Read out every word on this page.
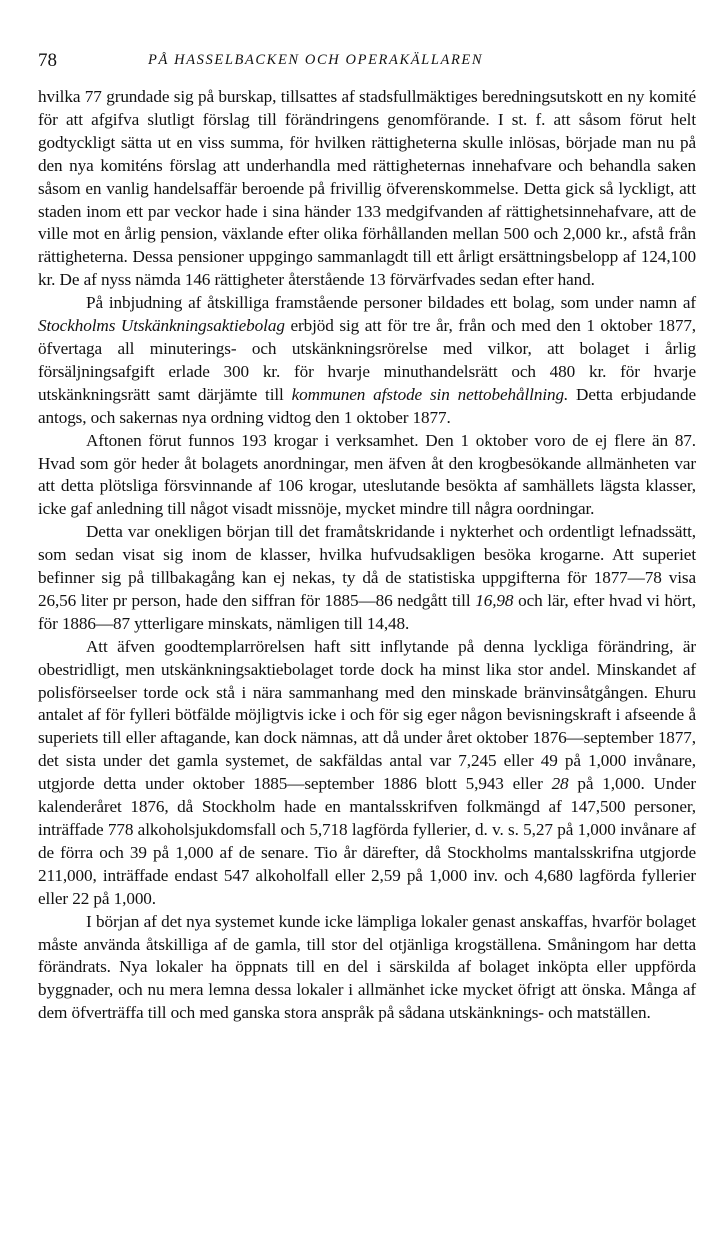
78	PÅ HASSELBACKEN OCH OPERAKÄLLAREN

hvilka 77 grundade sig på burskap, tillsattes af stadsfullmäktiges beredningsutskott en ny komité för att afgifva slutligt förslag till förändringens genomförande. I st. f. att såsom förut helt godtyckligt sätta ut en viss summa, för hvilken rättigheterna skulle inlösas, började man nu på den nya komiténs förslag att underhandla med rättigheternas innehafvare och behandla saken såsom en vanlig handelsaffär beroende på frivillig öfverenskommelse. Detta gick så lyckligt, att staden inom ett par veckor hade i sina händer 133 medgifvanden af rättighetsinnehafvare, att de ville mot en årlig pension, växlande efter olika förhållanden mellan 500 och 2,000 kr., afstå från rättigheterna. Dessa pensioner uppgingo sammanlagdt till ett årligt ersättningsbelopp af 124,100 kr. De af nyss nämda 146 rättigheter återstående 13 förvärfvades sedan efter hand.

På inbjudning af åtskilliga framstående personer bildades ett bolag, som under namn af Stockholms Utskänkningsaktiebolag erbjöd sig att för tre år, från och med den 1 oktober 1877, öfvertaga all minuterings- och utskänkningsrörelse med vilkor, att bolaget i årlig försäljningsafgift erlade 300 kr. för hvarje minuthandelsrätt och 480 kr. för hvarje utskänkningsrätt samt därjämte till kommunen afstode sin nettobehållning. Detta erbjudande antogs, och sakernas nya ordning vidtog den 1 oktober 1877.

Aftonen förut funnos 193 krogar i verksamhet. Den 1 oktober voro de ej flere än 87. Hvad som gör heder åt bolagets anordningar, men äfven åt den krogbesökande allmänheten var att detta plötsliga försvinnande af 106 krogar, uteslutande besökta af samhällets lägsta klasser, icke gaf anledning till något visadt missnöje, mycket mindre till några oordningar.

Detta var onekligen början till det framåtskridande i nykterhet och ordentligt lefnadssätt, som sedan visat sig inom de klasser, hvilka hufvudsakligen besöka krogarne. Att superiet befinner sig på tillbakagång kan ej nekas, ty då de statistiska uppgifterna för 1877—78 visa 26,56 liter pr person, hade den siffran för 1885—86 nedgått till 16,98 och lär, efter hvad vi hört, för 1886—87 ytterligare minskats, nämligen till 14,48.

Att äfven goodtemplarrörelsen haft sitt inflytande på denna lyckliga förändring, är obestridligt, men utskänkningsaktiebolaget torde dock ha minst lika stor andel. Minskandet af polisförseelser torde ock stå i nära sammanhang med den minskade bränvinsåtgången. Ehuru antalet af för fylleri bötfälde möjligtvis icke i och för sig eger någon bevisningskraft i afseende å superiets till eller aftagande, kan dock nämnas, att då under året oktober 1876—september 1877, det sista under det gamla systemet, de sakfäldas antal var 7,245 eller 49 på 1,000 invånare, utgjorde detta under oktober 1885—september 1886 blott 5,943 eller 28 på 1,000. Under kalenderåret 1876, då Stockholm hade en mantalsskrifven folkmängd af 147,500 personer, inträffade 778 alkoholsjukdomsfall och 5,718 lagförda fyllerier, d. v. s. 5,27 på 1,000 invånare af de förra och 39 på 1,000 af de senare. Tio år därefter, då Stockholms mantalsskrifna utgjorde 211,000, inträffade endast 547 alkoholfall eller 2,59 på 1,000 inv. och 4,680 lagförda fyllerier eller 22 på 1,000.

I början af det nya systemet kunde icke lämpliga lokaler genast anskaffas, hvarför bolaget måste använda åtskilliga af de gamla, till stor del otjänliga krogställena. Småningom har detta förändrats. Nya lokaler ha öppnats till en del i särskilda af bolaget inköpta eller uppförda byggnader, och nu mera lemna dessa lokaler i allmänhet icke mycket öfrigt att önska. Många af dem öfverträffa till och med ganska stora anspråk på sådana utskänknings- och matställen.
